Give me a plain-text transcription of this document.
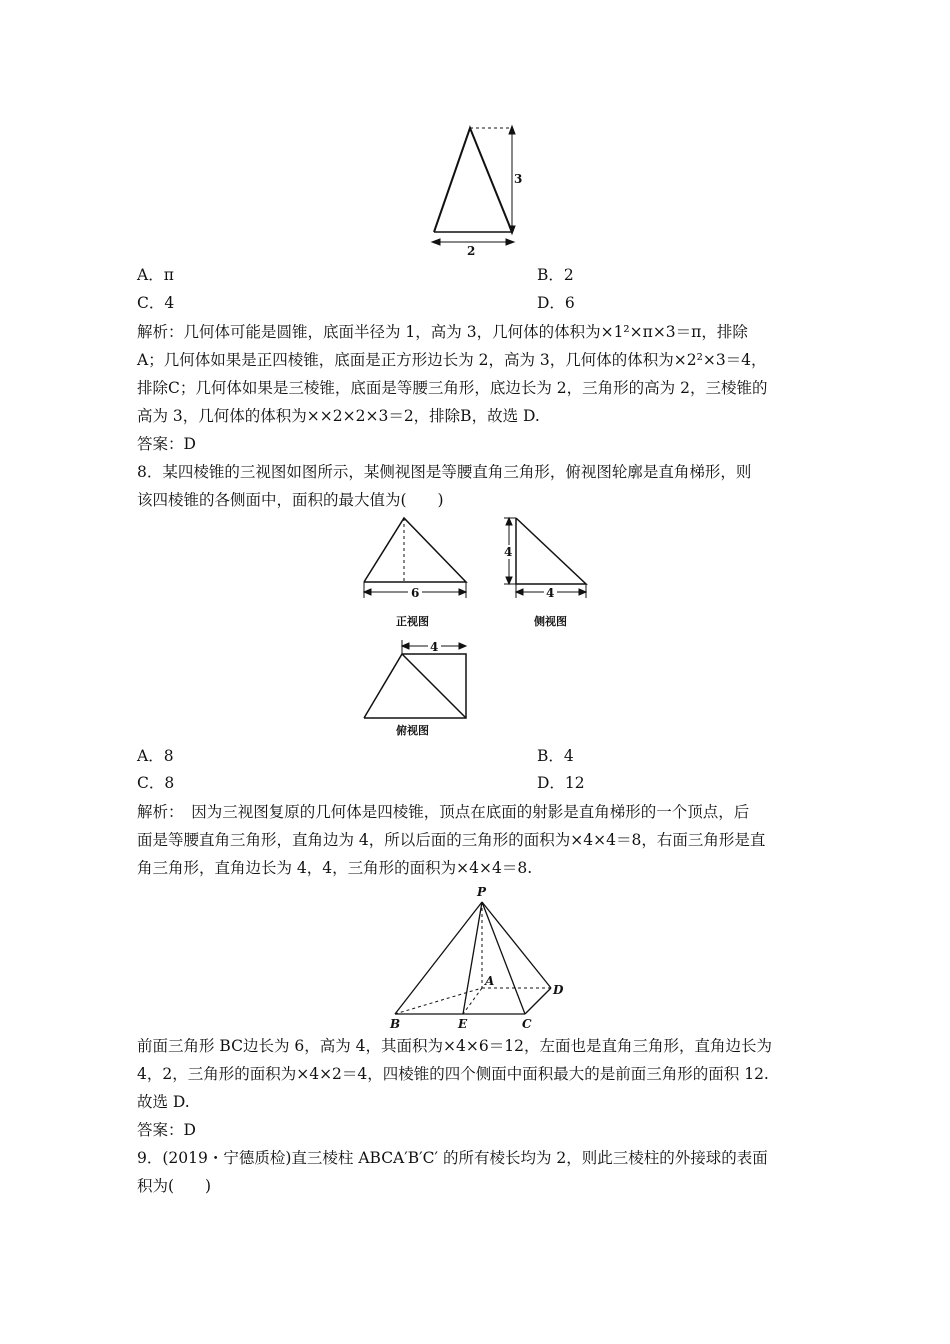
3
2
A．π	B．2
C．4	D．6
解析：几何体可能是圆锥，底面半径为 1，高为 3，几何体的体积为×1²×π×3＝π，排除
A；几何体如果是正四棱锥，底面是正方形边长为 2，高为 3，几何体的体积为×2²×3＝4，
排除C；几何体如果是三棱锥，底面是等腰三角形，底边长为 2，三角形的高为 2，三棱锥的
高为 3，几何体的体积为××2×2×3＝2，排除B，故选 D.
答案：D
8．某四棱锥的三视图如图所示，某侧视图是等腰直角三角形，俯视图轮廓是直角梯形，则
该四棱锥的各侧面中，面积的最大值为(　　)
6
正视图
4
4
侧视图
4
俯视图
A．8	B．4
C．8	D．12
解析：　因为三视图复原的几何体是四棱锥，顶点在底面的射影是直角梯形的一个顶点，后
面是等腰直角三角形，直角边为 4，所以后面的三角形的面积为×4×4＝8，右面三角形是直
角三角形，直角边长为 4，4，三角形的面积为×4×4＝8.
P
A
D
B	E	C
前面三角形 BC边长为 6，高为 4，其面积为×4×6＝12，左面也是直角三角形，直角边长为
4，2，三角形的面积为×4×2＝4，四棱锥的四个侧面中面积最大的是前面三角形的面积 12.
故选 D.
答案：D
9．(2019・宁德质检)直三棱柱 ABCA′B′C′ 的所有棱长均为 2，则此三棱柱的外接球的表面
积为(　　)
